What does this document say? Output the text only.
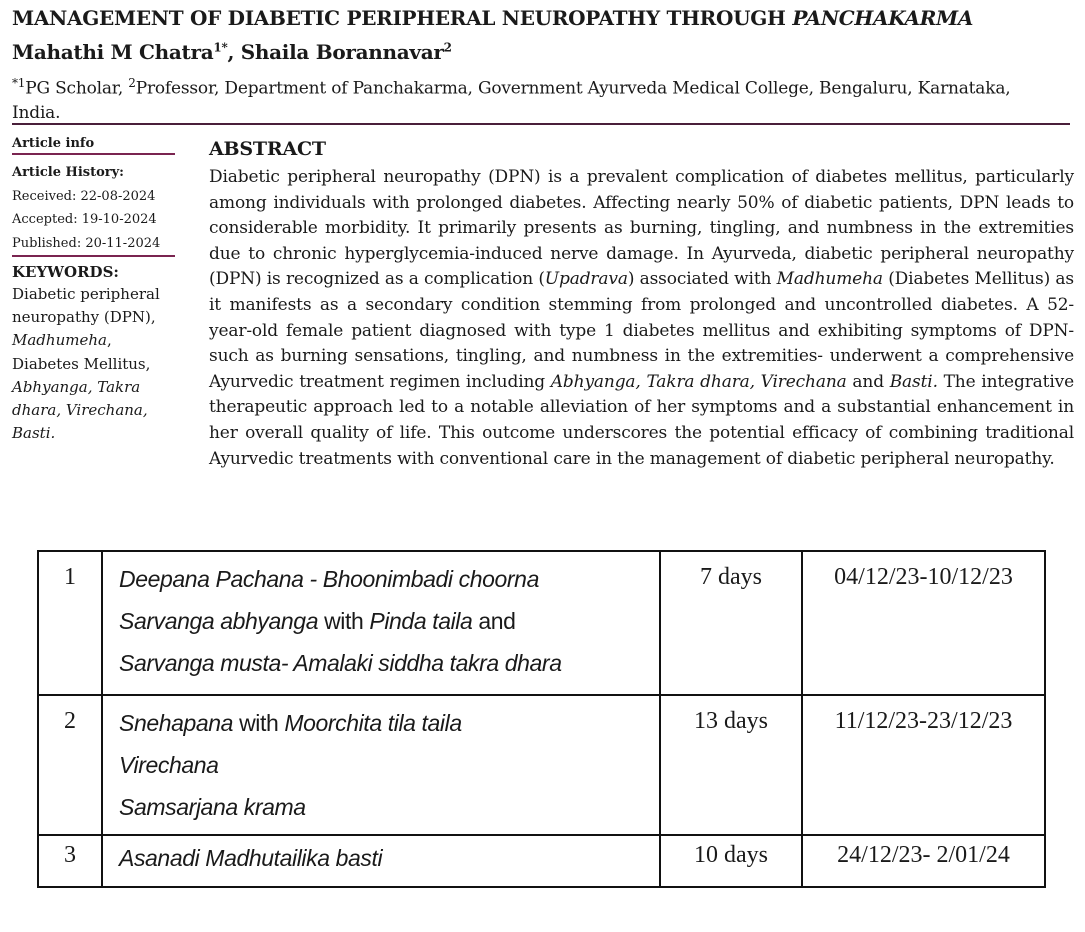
MANAGEMENT OF DIABETIC PERIPHERAL NEUROPATHY THROUGH PANCHAKARMA
Mahathi M Chatra$^{1*}$, Shaila Borannavar$^2$
$^{*1}$PG Scholar, $^2$Professor, Department of Panchakarma, Government Ayurveda Medical College, Bengaluru, Karnataka, India.
Article info
Article History:
Received: 22-08-2024
Accepted: 19-10-2024
Published: 20-11-2024
KEYWORDS:
Diabetic peripheral neuropathy (DPN),
Madhumeha,
Diabetes Mellitus,
Abhyanga, Takra dhara, Virechana, Basti.
ABSTRACT
Diabetic peripheral neuropathy (DPN) is a prevalent complication of diabetes mellitus, particularly among individuals with prolonged diabetes. Affecting nearly 50% of diabetic patients, DPN leads to considerable morbidity. It primarily presents as burning, tingling, and numbness in the extremities due to chronic hyperglycemia-induced nerve damage. In Ayurveda, diabetic peripheral neuropathy (DPN) is recognized as a complication (Upadrava) associated with Madhumeha (Diabetes Mellitus) as it manifests as a secondary condition stemming from prolonged and uncontrolled diabetes. A 52-year-old female patient diagnosed with type 1 diabetes mellitus and exhibiting symptoms of DPN- such as burning sensations, tingling, and numbness in the extremities- underwent a comprehensive Ayurvedic treatment regimen including Abhyanga, Takra dhara, Virechana and Basti. The integrative therapeutic approach led to a notable alleviation of her symptoms and a substantial enhancement in her overall quality of life. This outcome underscores the potential efficacy of combining traditional Ayurvedic treatments with conventional care in the management of diabetic peripheral neuropathy.
1	Deepana Pachana - Bhoonimbadi choorna
Sarvanga abhyanga with Pinda taila and
Sarvanga musta- Amalaki siddha takra dhara	7 days	04/12/23-10/12/23
2	Snehapana with Moorchita tila taila
Virechana
Samsarjana krama	13 days	11/12/23-23/12/23
3	Asanadi Madhutailika basti	10 days	24/12/23- 2/01/24
